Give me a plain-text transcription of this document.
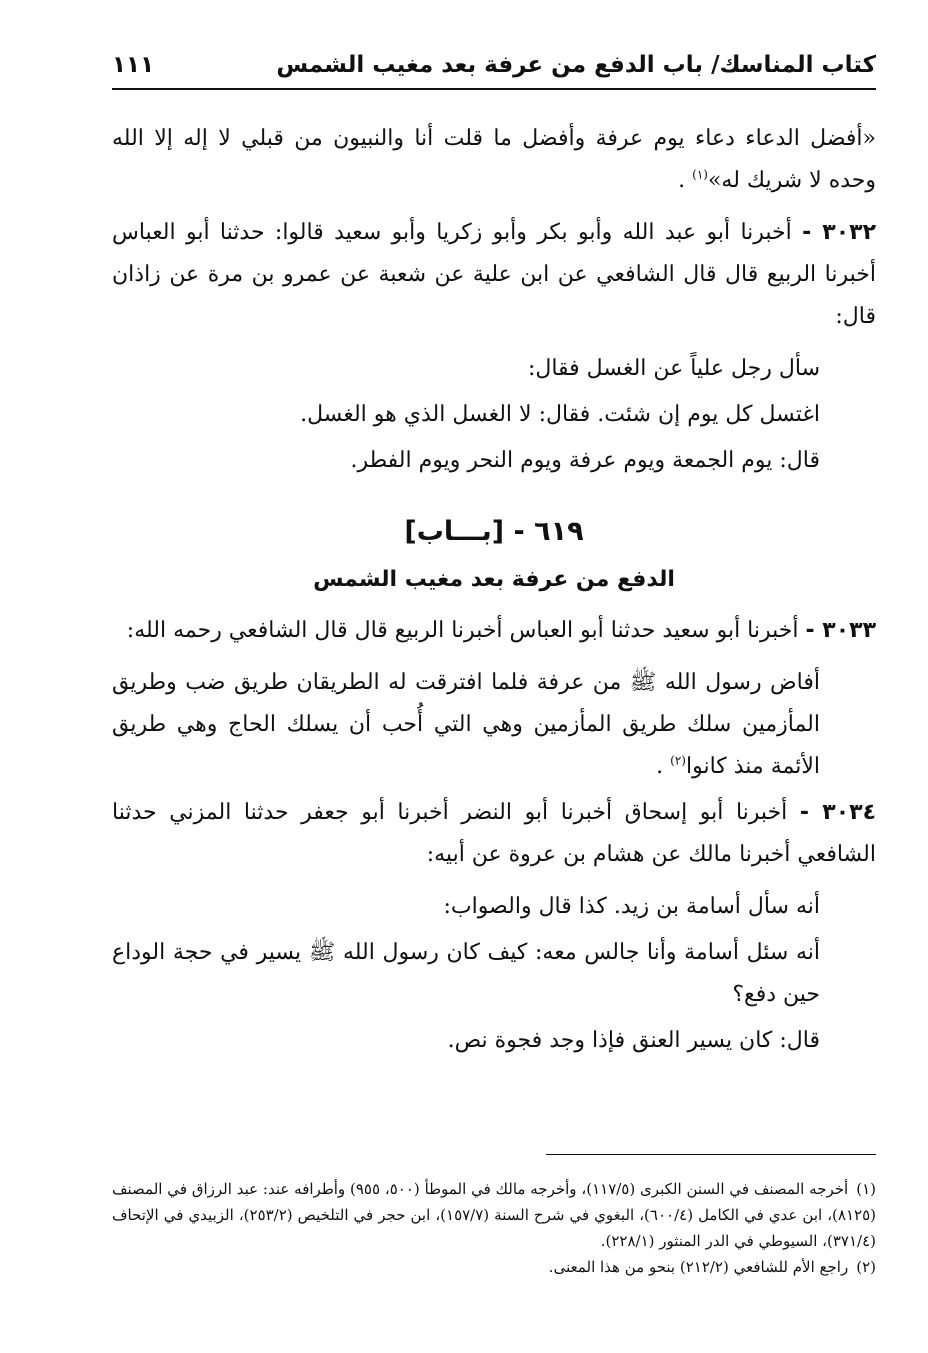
كتاب المناسك/ باب الدفع من عرفة بعد مغيب الشمس
١١١

«أفضل الدعاء دعاء يوم عرفة وأفضل ما قلت أنا والنبيون من قبلي لا إله إلا الله وحده لا شريك له»$^{(١)}$ .

٣٠٣٢ - أخبرنا أبو عبد الله وأبو بكر وأبو زكريا وأبو سعيد قالوا: حدثنا أبو العباس أخبرنا الربيع قال قال الشافعي عن ابن علية عن شعبة عن عمرو بن مرة عن زاذان قال:

سأل رجل علياً عن الغسل فقال:

اغتسل كل يوم إن شئت. فقال: لا الغسل الذي هو الغسل.

قال: يوم الجمعة ويوم عرفة ويوم النحر ويوم الفطر.

٦١٩ - [بـــاب]
الدفع من عرفة بعد مغيب الشمس

٣٠٣٣ - أخبرنا أبو سعيد حدثنا أبو العباس أخبرنا الربيع قال قال الشافعي رحمه الله:

أفاض رسول الله ﷺ من عرفة فلما افترقت له الطريقان طريق ضب وطريق المأزمين سلك طريق المأزمين وهي التي أُحب أن يسلك الحاج وهي طريق الأئمة منذ كانوا$^{(٢)}$ .

٣٠٣٤ - أخبرنا أبو إسحاق أخبرنا أبو النضر أخبرنا أبو جعفر حدثنا المزني حدثنا الشافعي أخبرنا مالك عن هشام بن عروة عن أبيه:

أنه سأل أسامة بن زيد. كذا قال والصواب:

أنه سئل أسامة وأنا جالس معه: كيف كان رسول الله ﷺ يسير في حجة الوداع حين دفع؟

قال: كان يسير العنق فإذا وجد فجوة نص.

(١)أخرجه المصنف في السنن الكبرى (١١٧/٥)، وأخرجه مالك في الموطأ (٥٠٠، ٩٥٥) وأطرافه عند: عبد الرزاق في المصنف (٨١٢٥)، ابن عدي في الكامل (٦٠٠/٤)، البغوي في شرح السنة (١٥٧/٧)، ابن حجر في التلخيص (٢٥٣/٢)، الزبيدي في الإتحاف (٣٧١/٤)، السيوطي في الدر المنثور (٢٢٨/١).

(٢)راجع الأم للشافعي (٢١٢/٢) بنحو من هذا المعنى.
